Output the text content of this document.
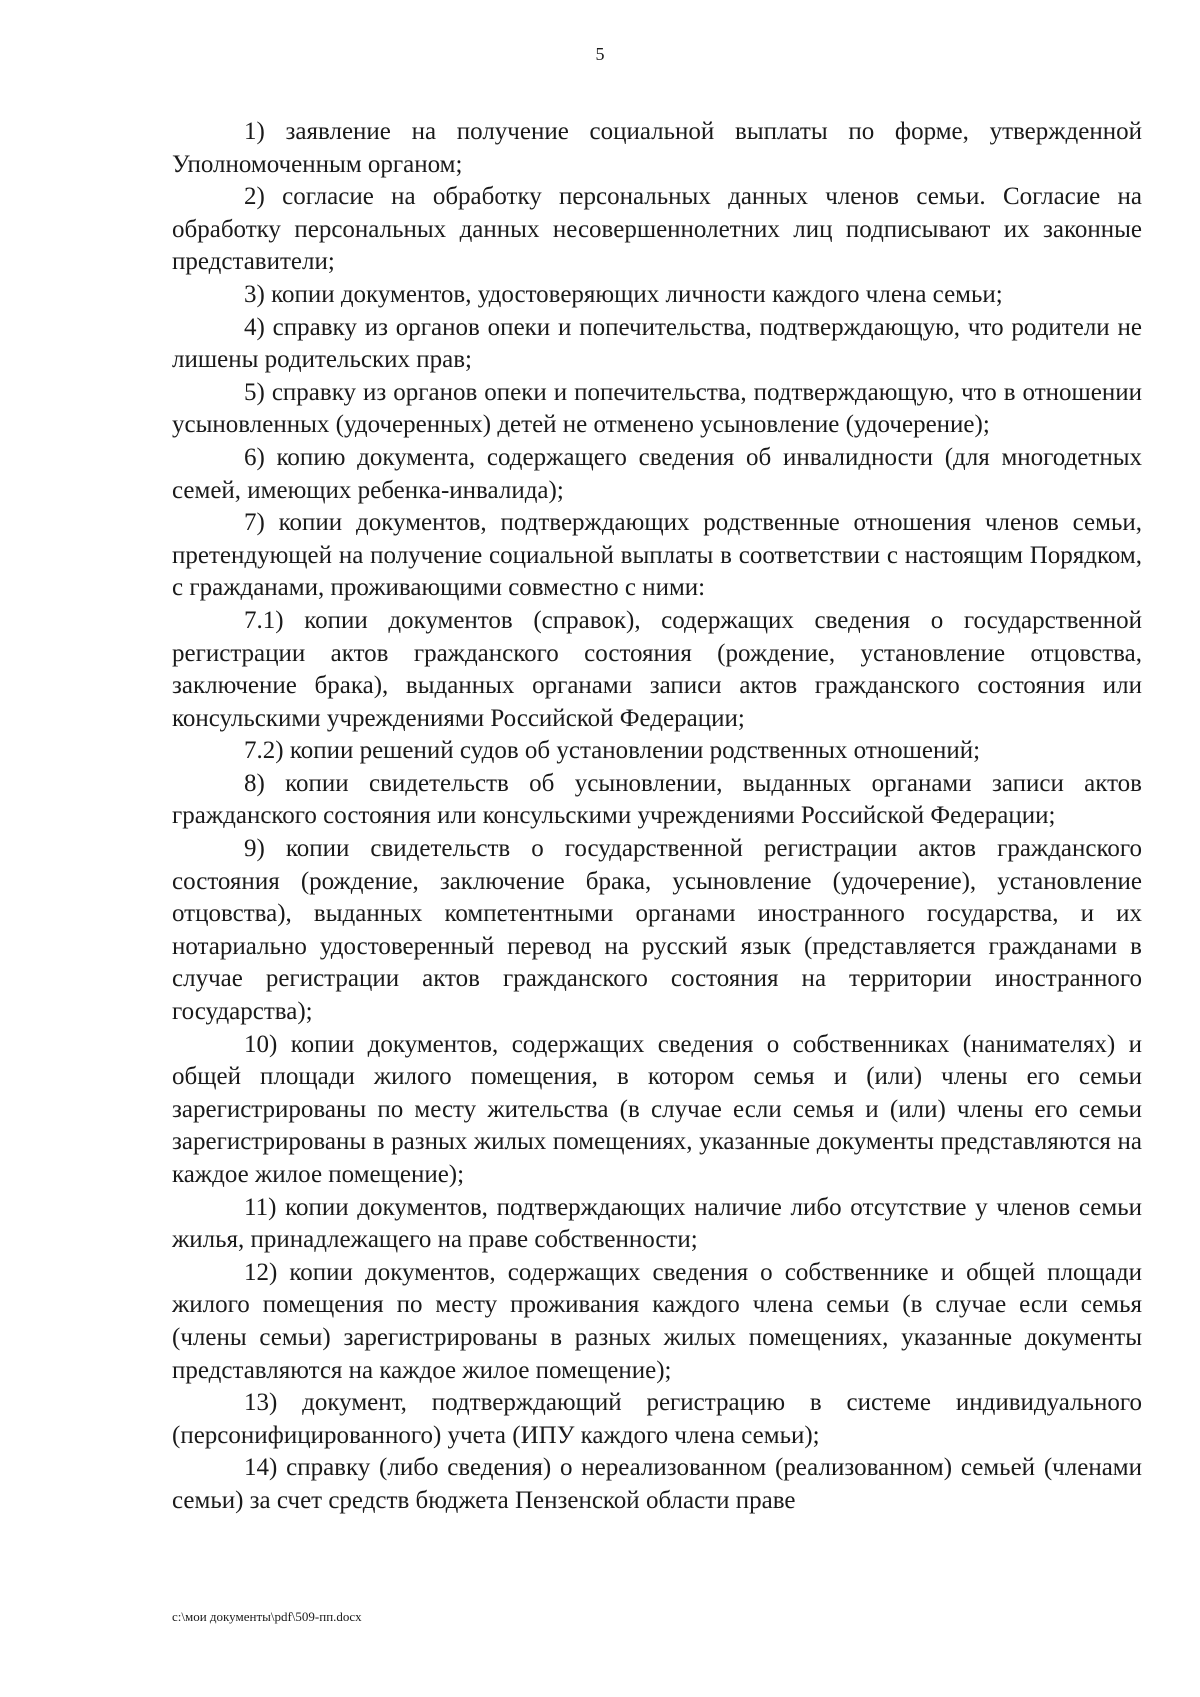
5

1) заявление на получение социальной выплаты по форме, утвержденной Уполномоченным органом;

2) согласие на обработку персональных данных членов семьи. Согласие на обработку персональных данных несовершеннолетних лиц подписывают их законные представители;

3) копии документов, удостоверяющих личности каждого члена семьи;

4) справку из органов опеки и попечительства, подтверждающую, что родители не лишены родительских прав;

5) справку из органов опеки и попечительства, подтверждающую, что в отношении усыновленных (удочеренных) детей не отменено усыновление (удочерение);

6) копию документа, содержащего сведения об инвалидности (для многодетных семей, имеющих ребенка-инвалида);

7) копии документов, подтверждающих родственные отношения членов семьи, претендующей на получение социальной выплаты в соответствии с настоящим Порядком, с гражданами, проживающими совместно с ними:

7.1) копии документов (справок), содержащих сведения о государственной регистрации актов гражданского состояния (рождение, установление отцовства, заключение брака), выданных органами записи актов гражданского состояния или консульскими учреждениями Российской Федерации;

7.2) копии решений судов об установлении родственных отношений;

8) копии свидетельств об усыновлении, выданных органами записи актов гражданского состояния или консульскими учреждениями Российской Федерации;

9) копии свидетельств о государственной регистрации актов гражданского состояния (рождение, заключение брака, усыновление (удочерение), установление отцовства), выданных компетентными органами иностранного государства, и их нотариально удостоверенный перевод на русский язык (представляется гражданами в случае регистрации актов гражданского состояния на территории иностранного государства);

10) копии документов, содержащих сведения о собственниках (нанимателях) и общей площади жилого помещения, в котором семья и (или) члены его семьи зарегистрированы по месту жительства (в случае если семья и (или) члены его семьи зарегистрированы в разных жилых помещениях, указанные документы представляются на каждое жилое помещение);

11) копии документов, подтверждающих наличие либо отсутствие у членов семьи жилья, принадлежащего на праве собственности;

12) копии документов, содержащих сведения о собственнике и общей площади жилого помещения по месту проживания каждого члена семьи (в случае если семья (члены семьи) зарегистрированы в разных жилых помещениях, указанные документы представляются на каждое жилое помещение);

13) документ, подтверждающий регистрацию в системе индивидуального (персонифицированного) учета (ИПУ каждого члена семьи);

14) справку (либо сведения) о нереализованном (реализованном) семьей (членами семьи) за счет средств бюджета Пензенской области праве

c:\мои документы\pdf\509-пп.docx
